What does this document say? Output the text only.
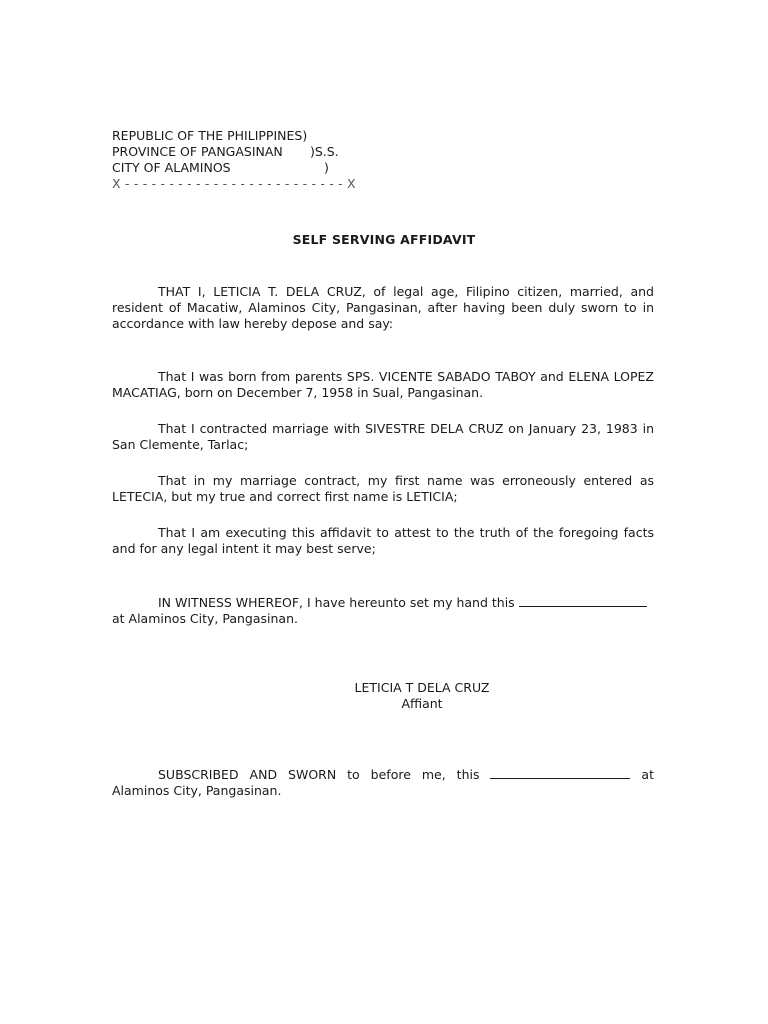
REPUBLIC OF THE PHILIPPINES)
PROVINCE OF PANGASINAN )S.S.
CITY OF ALAMINOS	)
X - - - - - - - - - - - - - - - - - - - - - - - - - X
SELF SERVING AFFIDAVIT

THAT I, LETICIA T. DELA CRUZ, of legal age, Filipino citizen, married, and resident of Macatiw, Alaminos City, Pangasinan, after having been duly sworn to in accordance with law hereby depose and say:

That I was born from parents SPS. VICENTE SABADO TABOY and ELENA LOPEZ MACATIAG, born on December 7, 1958 in Sual, Pangasinan.

That I contracted marriage with SIVESTRE DELA CRUZ on January 23, 1983 in San Clemente, Tarlac;

That in my marriage contract, my first name was erroneously entered as LETECIA, but my true and correct first name is LETICIA;

That I am executing this affidavit to attest to the truth of the foregoing facts and for any legal intent it may best serve;

IN WITNESS WHEREOF, I have hereunto set my hand this
at Alaminos City, Pangasinan.

LETICIA T DELA CRUZ
Affiant

SUBSCRIBED AND SWORN to before me, this	at Alaminos City, Pangasinan.
